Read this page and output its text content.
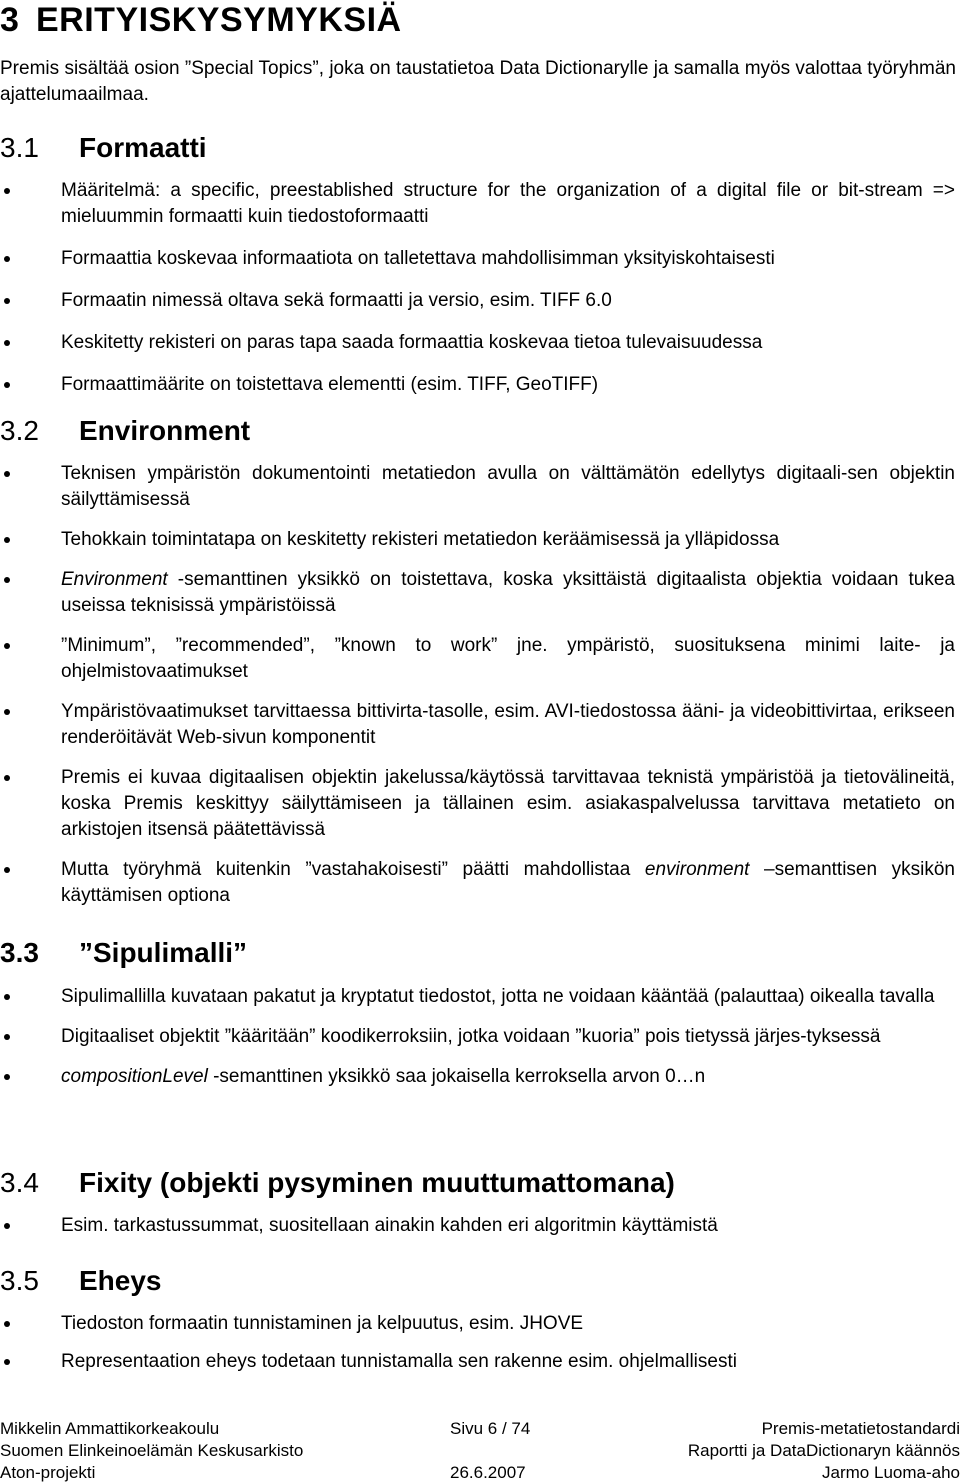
3 ERITYISKYSYMYKSIÄ

Premis sisältää osion ”Special Topics”, joka on taustatietoa Data Dictionarylle ja samalla myös valottaa työryhmän ajattelumaailmaa.

3.1 Formaatti
Määritelmä: a specific, preestablished structure for the organization of a digital file or bit-stream => mieluummin formaatti kuin tiedostoformaatti
Formaattia koskevaa informaatiota on talletettava mahdollisimman yksityiskohtaisesti
Formaatin nimessä oltava sekä formaatti ja versio, esim. TIFF 6.0
Keskitetty rekisteri on paras tapa saada formaattia koskevaa tietoa tulevaisuudessa
Formaattimäärite on toistettava elementti (esim. TIFF, GeoTIFF)
3.2 Environment
Teknisen ympäristön dokumentointi metatiedon avulla on välttämätön edellytys digitaali-sen objektin säilyttämisessä
Tehokkain toimintatapa on keskitetty rekisteri metatiedon keräämisessä ja ylläpidossa
Environment -semanttinen yksikkö on toistettava, koska yksittäistä digitaalista objektia voidaan tukea useissa teknisissä ympäristöissä
”Minimum”, ”recommended”, ”known to work” jne. ympäristö, suosituksena minimi laite- ja ohjelmistovaatimukset
Ympäristövaatimukset tarvittaessa bittivirta-tasolle, esim. AVI-tiedostossa ääni- ja videobittivirtaa, erikseen renderöitävät Web-sivun komponentit
Premis ei kuvaa digitaalisen objektin jakelussa/käytössä tarvittavaa teknistä ympäristöä ja tietovälineitä, koska Premis keskittyy säilyttämiseen ja tällainen esim. asiakaspalvelussa tarvittava metatieto on arkistojen itsensä päätettävissä
Mutta työryhmä kuitenkin ”vastahakoisesti” päätti mahdollistaa environment –semanttisen yksikön käyttämisen optiona
3.3 ”Sipulimalli”
Sipulimallilla kuvataan pakatut ja kryptatut tiedostot, jotta ne voidaan kääntää (palauttaa) oikealla tavalla
Digitaaliset objektit ”kääritään” koodikerroksiin, jotka voidaan ”kuoria” pois tietyssä järjes-tyksessä
compositionLevel -semanttinen yksikkö saa jokaisella kerroksella arvon 0…n
3.4 Fixity (objekti pysyminen muuttumattomana)
Esim. tarkastussummat, suositellaan ainakin kahden eri algoritmin käyttämistä
3.5 Eheys
Tiedoston formaatin tunnistaminen ja kelpuutus, esim. JHOVE
Representaation eheys todetaan tunnistamalla sen rakenne esim. ohjelmallisesti
Mikkelin Ammattikorkeakoulu	Sivu 6 / 74	Premis-metatietostandardi
Suomen Elinkeinoelämän Keskusarkisto	Raportti ja DataDictionaryn käännös
Aton-projekti	26.6.2007	Jarmo Luoma-aho
